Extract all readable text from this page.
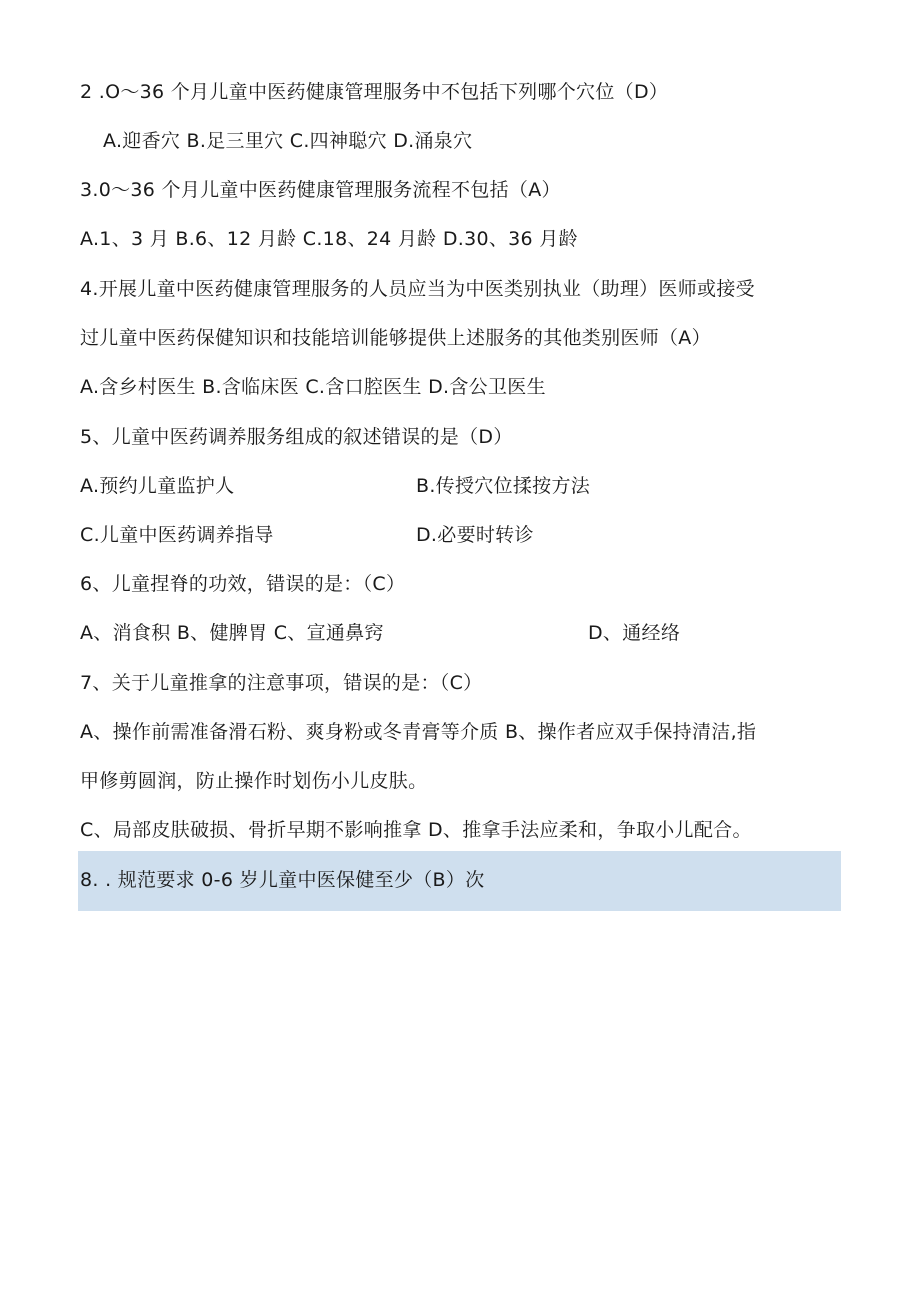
2 .O～36 个月儿童中医药健康管理服务中不包括下列哪个穴位（D）
A.迎香穴 B.足三里穴 C.四神聪穴 D.涌泉穴
3.0～36 个月儿童中医药健康管理服务流程不包括（A）
A.1、3 月 B.6、12 月龄 C.18、24 月龄 D.30、36 月龄
4.开展儿童中医药健康管理服务的人员应当为中医类别执业（助理）医师或接受
过儿童中医药保健知识和技能培训能够提供上述服务的其他类别医师（A）
A.含乡村医生 B.含临床医 C.含口腔医生 D.含公卫医生
5、儿童中医药调养服务组成的叙述错误的是（D）
A.预约儿童监护人	B.传授穴位揉按方法
C.儿童中医药调养指导	D.必要时转诊
6、儿童捏脊的功效，错误的是：（C）
A、消食积 B、健脾胃 C、宣通鼻窍	D、通经络
7、关于儿童推拿的注意事项，错误的是：（C）
A、操作前需准备滑石粉、爽身粉或冬青膏等介质 B、操作者应双手保持清洁,指
甲修剪圆润，防止操作时划伤小儿皮肤。
C、局部皮肤破损、骨折早期不影响推拿 D、推拿手法应柔和，争取小儿配合。
8. . 规范要求 0-6 岁儿童中医保健至少（B）次
